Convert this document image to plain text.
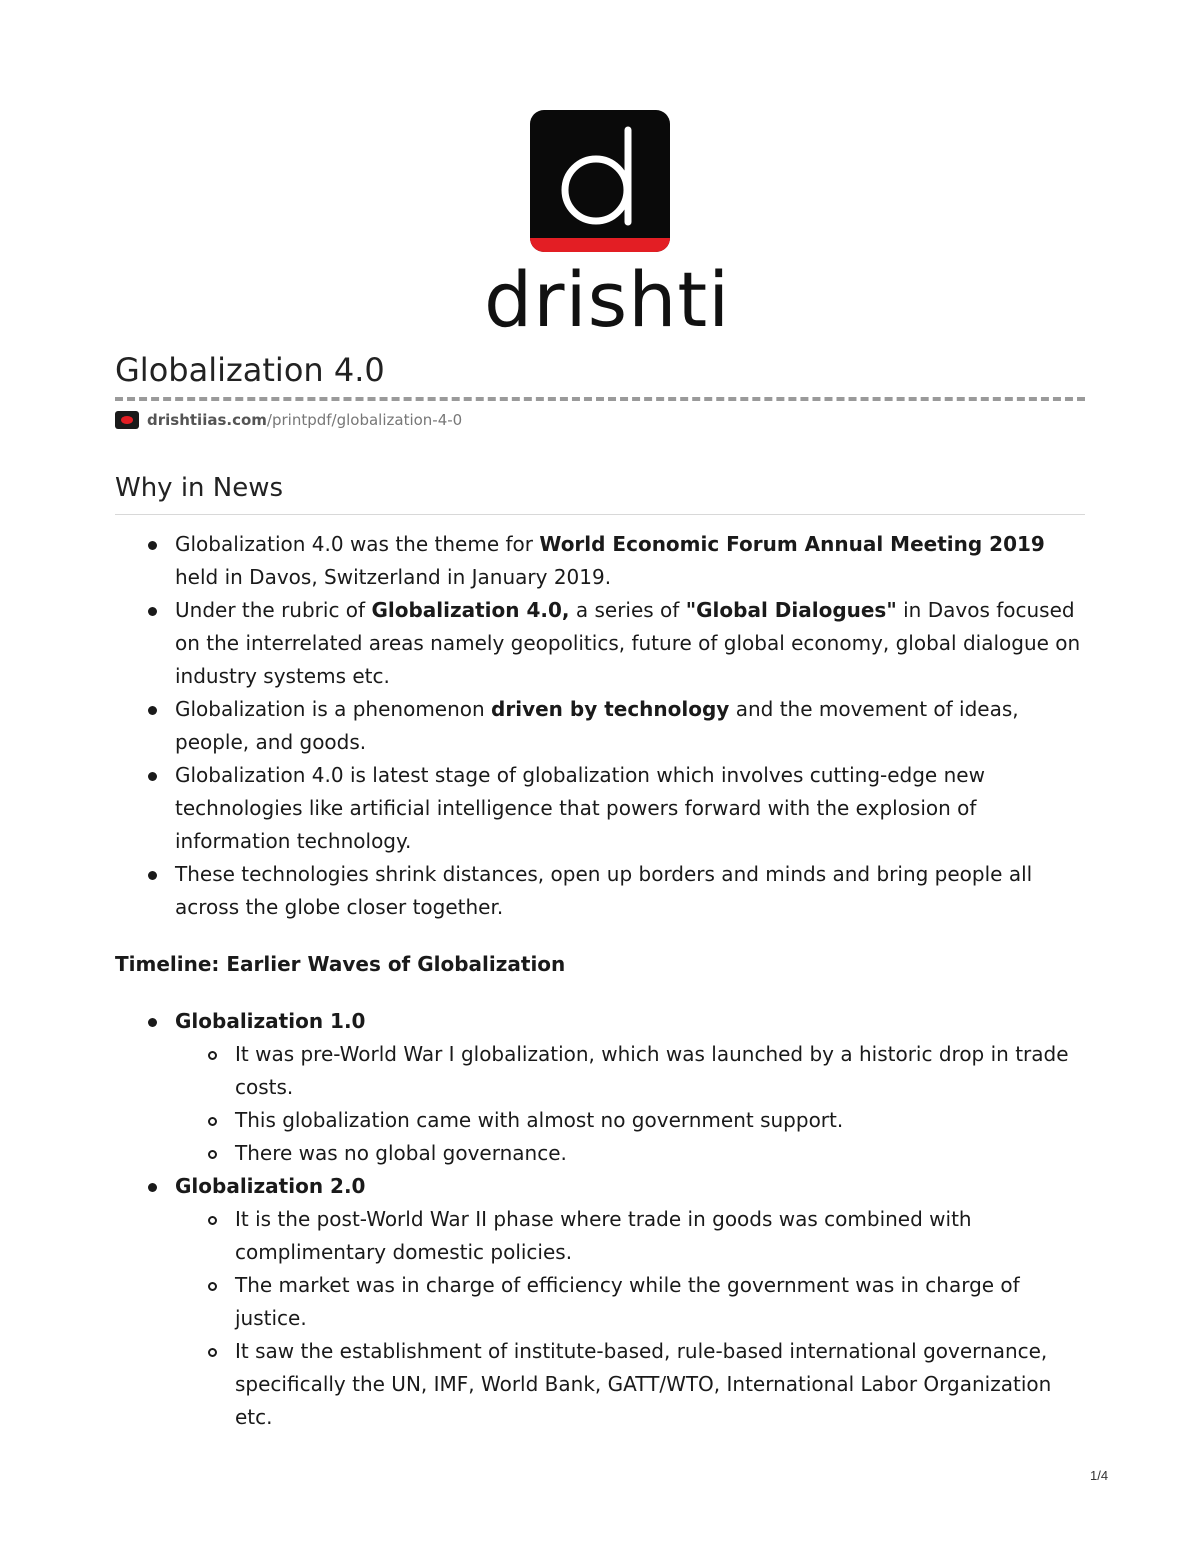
drishti
Globalization 4.0
drishtiias.com /printpdf/globalization-4-0
Why in News
Globalization 4.0 was the theme for World Economic Forum Annual Meeting 2019 held in Davos, Switzerland in January 2019.
Under the rubric of Globalization 4.0, a series of "Global Dialogues" in Davos focused on the interrelated areas namely geopolitics, future of global economy, global dialogue on industry systems etc.
Globalization is a phenomenon driven by technology and the movement of ideas, people, and goods.
Globalization 4.0 is latest stage of globalization which involves cutting-edge new technologies like artificial intelligence that powers forward with the explosion of information technology.
These technologies shrink distances, open up borders and minds and bring people all across the globe closer together.
Timeline: Earlier Waves of Globalization
Globalization 1.0
It was pre-World War I globalization, which was launched by a historic drop in trade costs.
This globalization came with almost no government support.
There was no global governance.
Globalization 2.0
It is the post-World War II phase where trade in goods was combined with complimentary domestic policies.
The market was in charge of efficiency while the government was in charge of justice.
It saw the establishment of institute-based, rule-based international governance, specifically the UN, IMF, World Bank, GATT/WTO, International Labor Organization etc.
1/4
